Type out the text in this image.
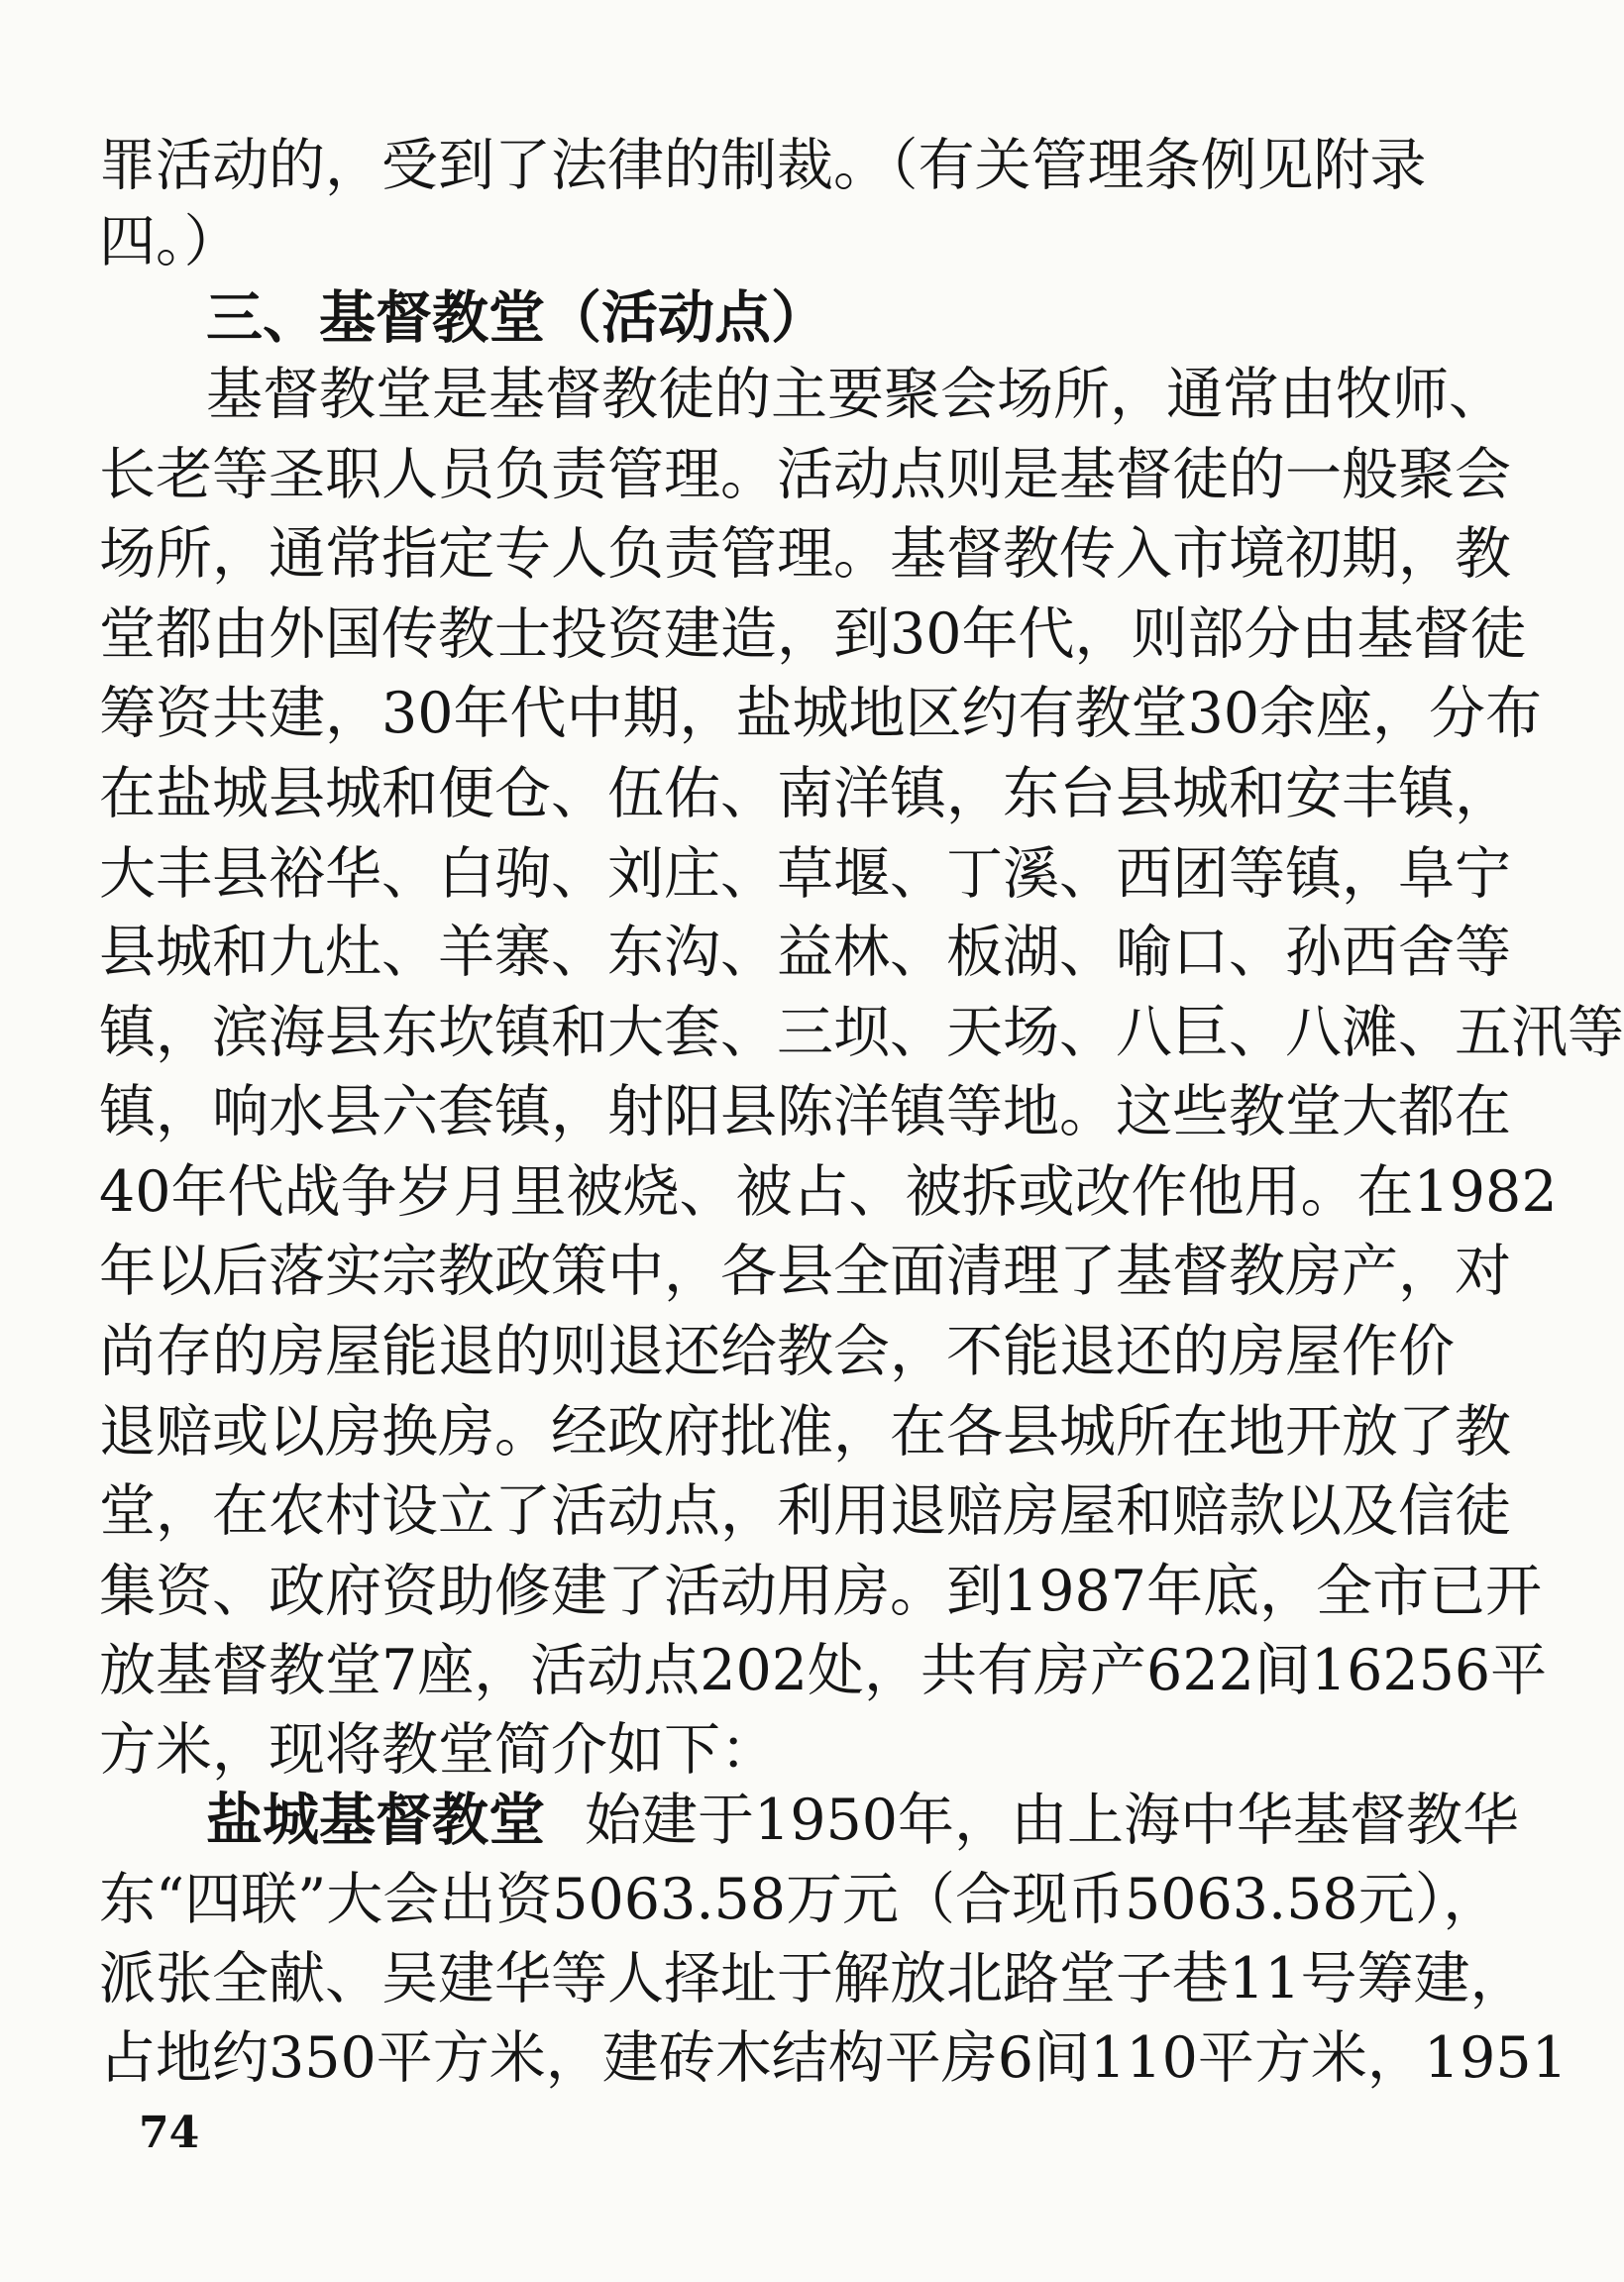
罪活动的，受到了法律的制裁。（有关管理条例见附录
四。）
三、基督教堂（活动点）
基督教堂是基督教徒的主要聚会场所，通常由牧师、
长老等圣职人员负责管理。活动点则是基督徒的一般聚会
场所，通常指定专人负责管理。基督教传入市境初期，教
堂都由外国传教士投资建造，到30年代，则部分由基督徒
筹资共建，30年代中期，盐城地区约有教堂30余座，分布
在盐城县城和便仓、伍佑、南洋镇，东台县城和安丰镇，
大丰县裕华、白驹、刘庄、草堰、丁溪、西团等镇，阜宁
县城和九灶、羊寨、东沟、益林、板湖、喻口、孙西舍等
镇，滨海县东坎镇和大套、三坝、天场、八巨、八滩、五汛等
镇，响水县六套镇，射阳县陈洋镇等地。这些教堂大都在
40年代战争岁月里被烧、被占、被拆或改作他用。在1982
年以后落实宗教政策中，各县全面清理了基督教房产，对
尚存的房屋能退的则退还给教会，不能退还的房屋作价
退赔或以房换房。经政府批准，在各县城所在地开放了教
堂，在农村设立了活动点，利用退赔房屋和赔款以及信徒
集资、政府资助修建了活动用房。到1987年底，全市已开
放基督教堂7座，活动点202处，共有房产622间16256平
方米，现将教堂简介如下：
盐城基督教堂 始建于1950年，由上海中华基督教华
东“四联”大会出资5063.58万元（合现币5063.58元），
派张全献、吴建华等人择址于解放北路堂子巷11号筹建，
占地约350平方米，建砖木结构平房6间110平方米，1951
74
